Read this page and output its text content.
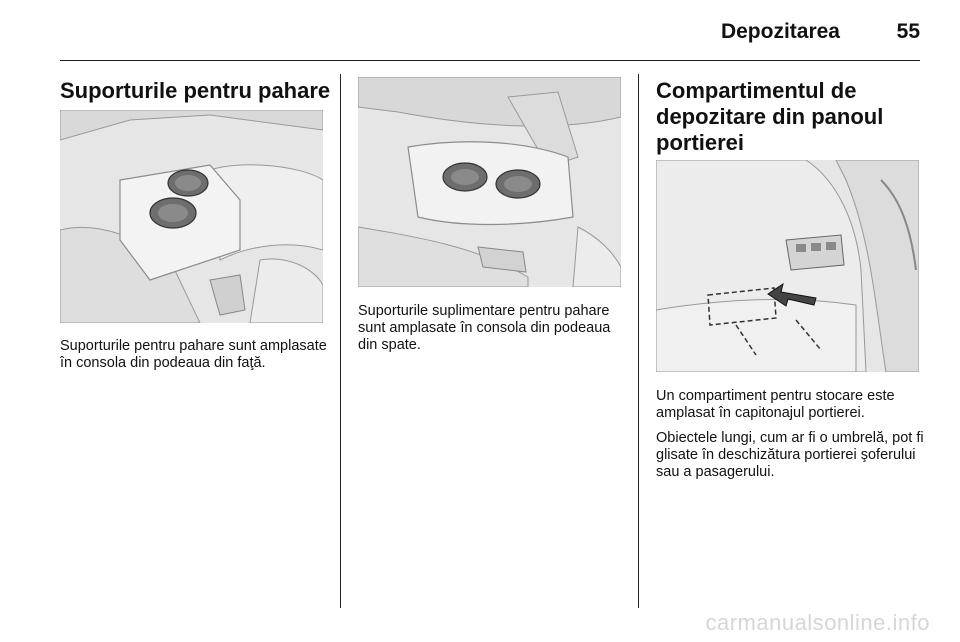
Depozitarea	55
Suporturile pentru pahare
Suporturile pentru pahare sunt amplasate în consola din podeaua din faţă.
Suporturile suplimentare pentru pahare sunt amplasate în consola din podeaua din spate.
Compartimentul de depozitare din panoul portierei
Un compartiment pentru stocare este amplasat în capitonajul portierei.
Obiectele lungi, cum ar fi o umbrelă, pot fi glisate în deschizătura portierei şoferului sau a pasagerului.
carmanualsonline.info
